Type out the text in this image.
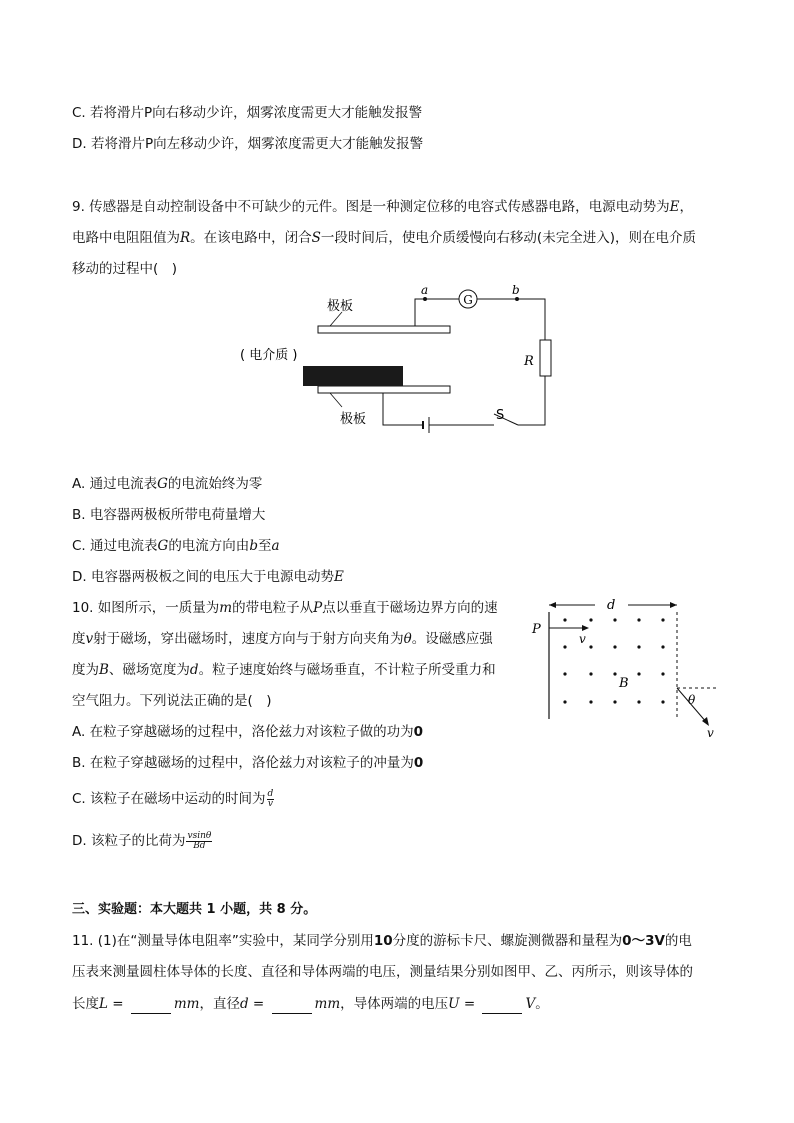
C. 若将滑片P向右移动少许，烟雾浓度需更大才能触发报警
D. 若将滑片P向左移动少许，烟雾浓度需更大才能触发报警
9. 传感器是自动控制设备中不可缺少的元件。图是一种测定位移的电容式传感器电路，电源电动势为E，
电路中电阻阻值为R。在该电路中，闭合S一段时间后，使电介质缓慢向右移动(未完全进入)，则在电介质
移动的过程中(　)
G
极板
极板
( 电介质 )
a	b
R
S
A. 通过电流表G的电流始终为零
B. 电容器两极板所带电荷量增大
C. 通过电流表G的电流方向由b至a
D. 电容器两极板之间的电压大于电源电动势E
10. 如图所示，一质量为m的带电粒子从P点以垂直于磁场边界方向的速
度v射于磁场，穿出磁场时，速度方向与于射方向夹角为θ。设磁感应强
度为B、磁场宽度为d。粒子速度始终与磁场垂直，不计粒子所受重力和
空气阻力。下列说法正确的是(　)
d
P
v
B
θ
v
A. 在粒子穿越磁场的过程中，洛伦兹力对该粒子做的功为0
B. 在粒子穿越磁场的过程中，洛伦兹力对该粒子的冲量为0
C. 该粒子在磁场中运动的时间为 $\frac{d}{v}$
D. 该粒子的比荷为 $\frac{vsin\theta}{Bd}$
三、实验题：本大题共 1 小题，共 8 分。
11. (1)在“测量导体电阻率”实验中，某同学分别用10分度的游标卡尺、螺旋测微器和量程为0～3V的电
压表来测量圆柱体导体的长度、直径和导体两端的电压，测量结果分别如图甲、乙、丙所示，则该导体的
长度L =	mm，直径d =	mm，导体两端的电压U =	V。
